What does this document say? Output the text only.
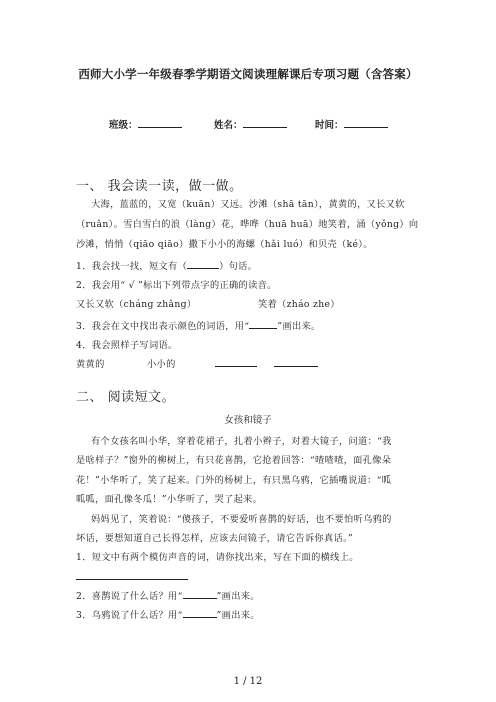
西师大小学一年级春季学期语文阅读理解课后专项习题（含答案）
班级：	姓名：	时间：
一、 我会读一读，做一做。
大海，蓝蓝的，又宽（kuān）又远。沙滩（shā tān），黄黄的，又长又软
（ruǎn）。雪白雪白的浪（làng）花，哗哗（huā huā）地笑着，涌（yǒng）向
沙滩，悄悄（qiāo qiāo）撒下小小的海螺（hǎi luó）和贝壳（ké）。
1．我会找一找，短文有（	）句话。
2．我会用“ √ ”标出下列带点字的正确的读音。
又长又软（cháng zhǎng）	笑着（zháo zhe）
3．我会在文中找出表示颜色的词语，用“	”画出来。
4．我会照样子写词语。
黄黄的	小小的
二、 阅读短文。
女孩和镜子
有个女孩名叫小华，穿着花裙子，扎着小辫子，对着大镜子，问道：“我
是啥样子？”窗外的柳树上，有只花喜鹊，它抢着回答：“喳喳喳，面孔像朵
花！”小华听了，笑了起来。门外的杨树上，有只黑乌鸦，它插嘴说道：“呱
呱呱，面孔像冬瓜！”小华听了，哭了起来。
妈妈见了，笑着说：“傻孩子，不要爱听喜鹊的好话，也不要怕听乌鸦的
坏话，要想知道自己长得怎样，应该去问镜子，请它告诉你真话。”
1．短文中有两个模仿声音的词，请你找出来，写在下面的横线上。
2．喜鹊说了什么话？用“	”画出来。
3．乌鸦说了什么话？用“	”画出来。
1 / 12
